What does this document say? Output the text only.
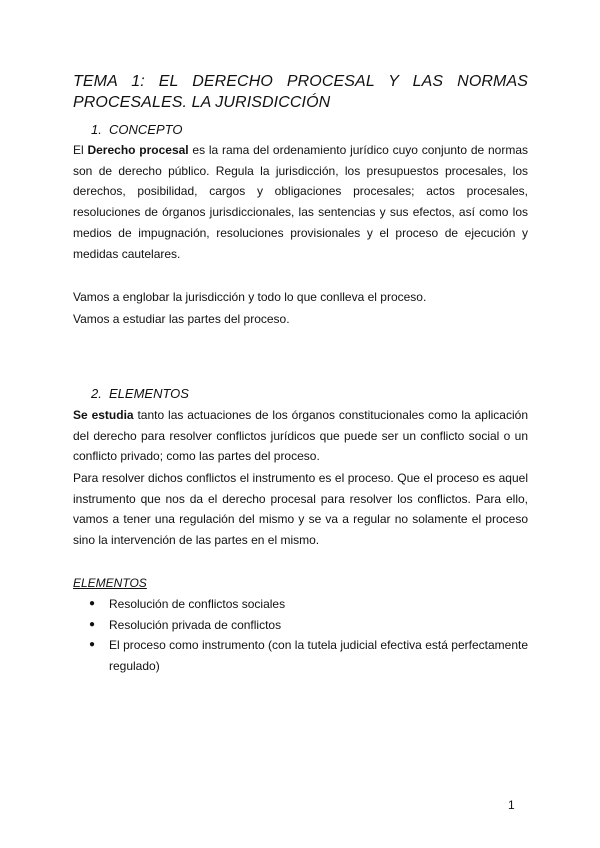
TEMA 1: EL DERECHO PROCESAL Y LAS NORMAS
PROCESALES. LA JURISDICCIÓN
1. CONCEPTO

El Derecho procesal es la rama del ordenamiento jurídico cuyo conjunto de normas son de derecho público. Regula la jurisdicción, los presupuestos procesales, los derechos, posibilidad, cargos y obligaciones procesales; actos procesales, resoluciones de órganos jurisdiccionales, las sentencias y sus efectos, así como los medios de impugnación, resoluciones provisionales y el proceso de ejecución y medidas cautelares.

Vamos a englobar la jurisdicción y todo lo que conlleva el proceso.

Vamos a estudiar las partes del proceso.

2. ELEMENTOS

Se estudia tanto las actuaciones de los órganos constitucionales como la aplicación del derecho para resolver conflictos jurídicos que puede ser un conflicto social o un conflicto privado; como las partes del proceso.

Para resolver dichos conflictos el instrumento es el proceso. Que el proceso es aquel instrumento que nos da el derecho procesal para resolver los conflictos. Para ello, vamos a tener una regulación del mismo y se va a regular no solamente el proceso sino la intervención de las partes en el mismo.

ELEMENTOS

● Resolución de conflictos sociales
● Resolución privada de conflictos
● El proceso como instrumento (con la tutela judicial efectiva está perfectamente regulado)

1
